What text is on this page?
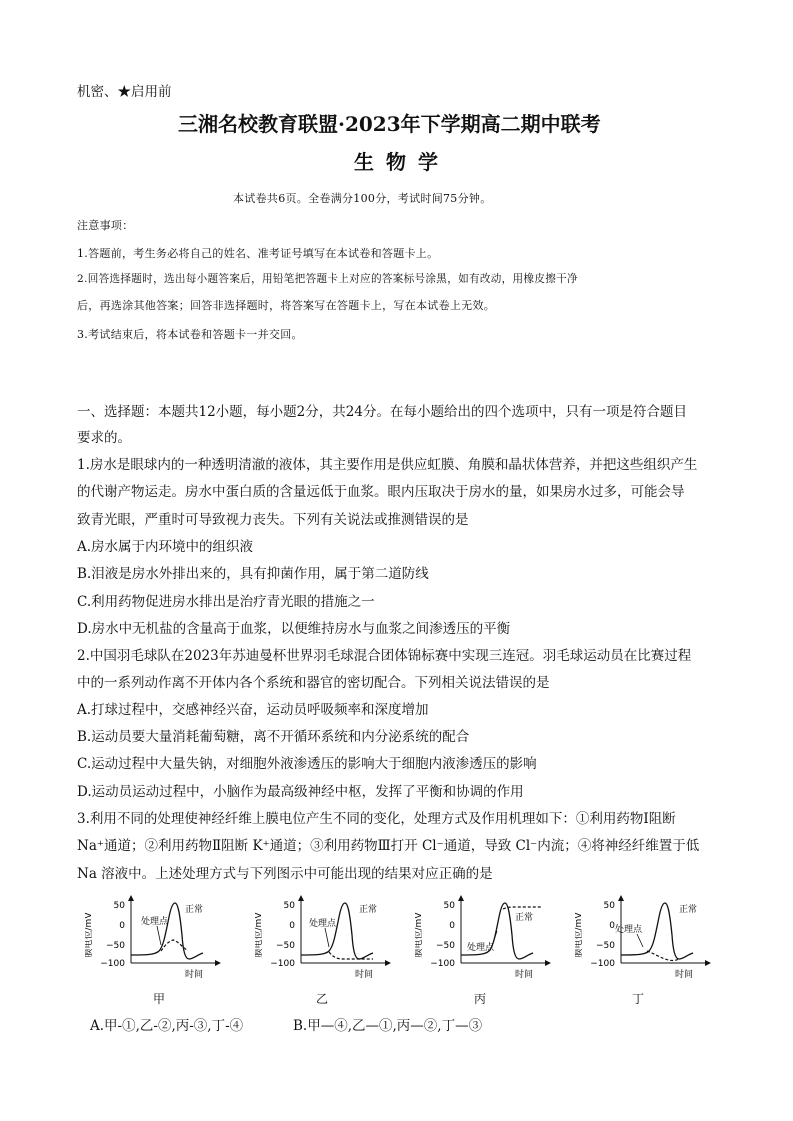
机密、★启用前
三湘名校教育联盟·2023年下学期高二期中联考
生物学
本试卷共6页。全卷满分100分，考试时间75分钟。
注意事项：
1.答题前，考生务必将自己的姓名、准考证号填写在本试卷和答题卡上。
2.回答选择题时，选出每小题答案后，用铅笔把答题卡上对应的答案标号涂黑，如有改动，用橡皮擦干净
后，再选涂其他答案；回答非选择题时，将答案写在答题卡上，写在本试卷上无效。
3.考试结束后，将本试卷和答题卡一并交回。
一、选择题：本题共12小题，每小题2分，共24分。在每小题给出的四个选项中，只有一项是符合题目
要求的。
1.房水是眼球内的一种透明清澈的液体，其主要作用是供应虹膜、角膜和晶状体营养，并把这些组织产生
的代谢产物运走。房水中蛋白质的含量远低于血浆。眼内压取决于房水的量，如果房水过多，可能会导
致青光眼，严重时可导致视力丧失。下列有关说法或推测错误的是
A.房水属于内环境中的组织液
B.泪液是房水外排出来的，具有抑菌作用，属于第二道防线
C.利用药物促进房水排出是治疗青光眼的措施之一
D.房水中无机盐的含量高于血浆，以便维持房水与血浆之间渗透压的平衡
2.中国羽毛球队在2023年苏迪曼杯世界羽毛球混合团体锦标赛中实现三连冠。羽毛球运动员在比赛过程
中的一系列动作离不开体内各个系统和器官的密切配合。下列相关说法错误的是
A.打球过程中，交感神经兴奋，运动员呼吸频率和深度增加
B.运动员要大量消耗葡萄糖，离不开循环系统和内分泌系统的配合
C.运动过程中大量失钠，对细胞外液渗透压的影响大于细胞内液渗透压的影响
D.运动员运动过程中，小脑作为最高级神经中枢，发挥了平衡和协调的作用
3.利用不同的处理使神经纤维上膜电位产生不同的变化，处理方式及作用机理如下：①利用药物Ⅰ阻断
Na⁺通道；②利用药物Ⅱ阻断 K⁺通道；③利用药物Ⅲ打开 Cl⁻通道，导致 Cl⁻内流；④将神经纤维置于低
Na 溶液中。上述处理方式与下列图示中可能出现的结果对应正确的是
膜电位/mV
50
0
−50
−100
处理点
正常
时间
膜电位/mV
50
0
−50
−100
处理点
正常
时间
膜电位/mV
50
0
−50
−100
正常
处理点
时间
膜电位/mV
50
0
−50
−100
处理点
正常
时间
甲	乙	丙	丁
A.甲-①,乙-②,丙-③,丁-④	B.甲—④,乙—①,丙—②,丁—③
